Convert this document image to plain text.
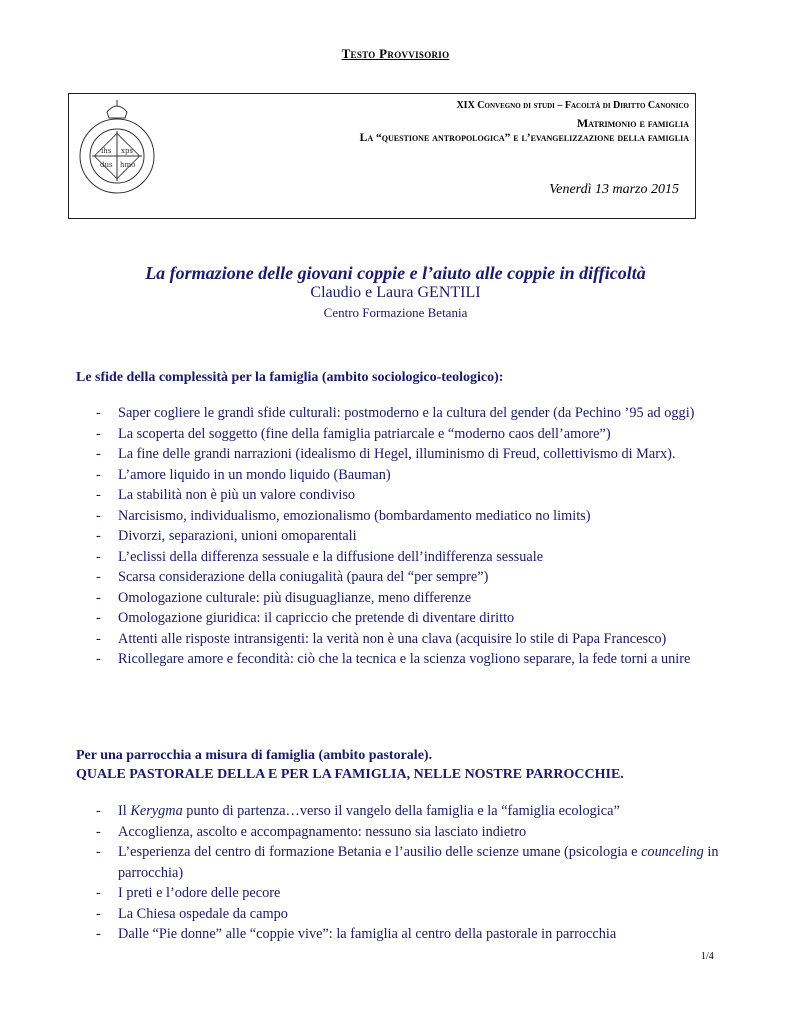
Testo Provvisorio
ihs xps
dus hmo
XIX Convegno di studi – Facoltà di Diritto Canonico
Matrimonio e famiglia
La “questione antropologica” e l’evangelizzazione della famiglia
Venerdì 13 marzo 2015
La formazione delle giovani coppie e l’aiuto alle coppie in difficoltà
Claudio e Laura GENTILI
Centro Formazione Betania
Le sfide della complessità per la famiglia (ambito sociologico-teologico):
- Saper cogliere le grandi sfide culturali: postmoderno e la cultura del gender (da Pechino ’95 ad oggi)
- La scoperta del soggetto (fine della famiglia patriarcale e “moderno caos dell’amore”)
- La fine delle grandi narrazioni (idealismo di Hegel, illuminismo di Freud, collettivismo di Marx).
- L’amore liquido in un mondo liquido (Bauman)
- La stabilità non è più un valore condiviso
- Narcisismo, individualismo, emozionalismo (bombardamento mediatico no limits)
- Divorzi, separazioni, unioni omoparentali
- L’eclissi della differenza sessuale e la diffusione dell’indifferenza sessuale
- Scarsa considerazione della coniugalità (paura del “per sempre”)
- Omologazione culturale: più disuguaglianze, meno differenze
- Omologazione giuridica: il capriccio che pretende di diventare diritto
- Attenti alle risposte intransigenti: la verità non è una clava (acquisire lo stile di Papa Francesco)
- Ricollegare amore e fecondità: ciò che la tecnica e la scienza vogliono separare, la fede torni a unire
Per una parrocchia a misura di famiglia (ambito pastorale).
QUALE PASTORALE DELLA E PER LA FAMIGLIA, NELLE NOSTRE PARROCCHIE.
- Il Kerygma punto di partenza…verso il vangelo della famiglia e la “famiglia ecologica”
- Accoglienza, ascolto e accompagnamento: nessuno sia lasciato indietro
- L’esperienza del centro di formazione Betania e l’ausilio delle scienze umane (psicologia e counceling in parrocchia)
- I preti e l’odore delle pecore
- La Chiesa ospedale da campo
- Dalle “Pie donne” alle “coppie vive”: la famiglia al centro della pastorale in parrocchia
1/4
